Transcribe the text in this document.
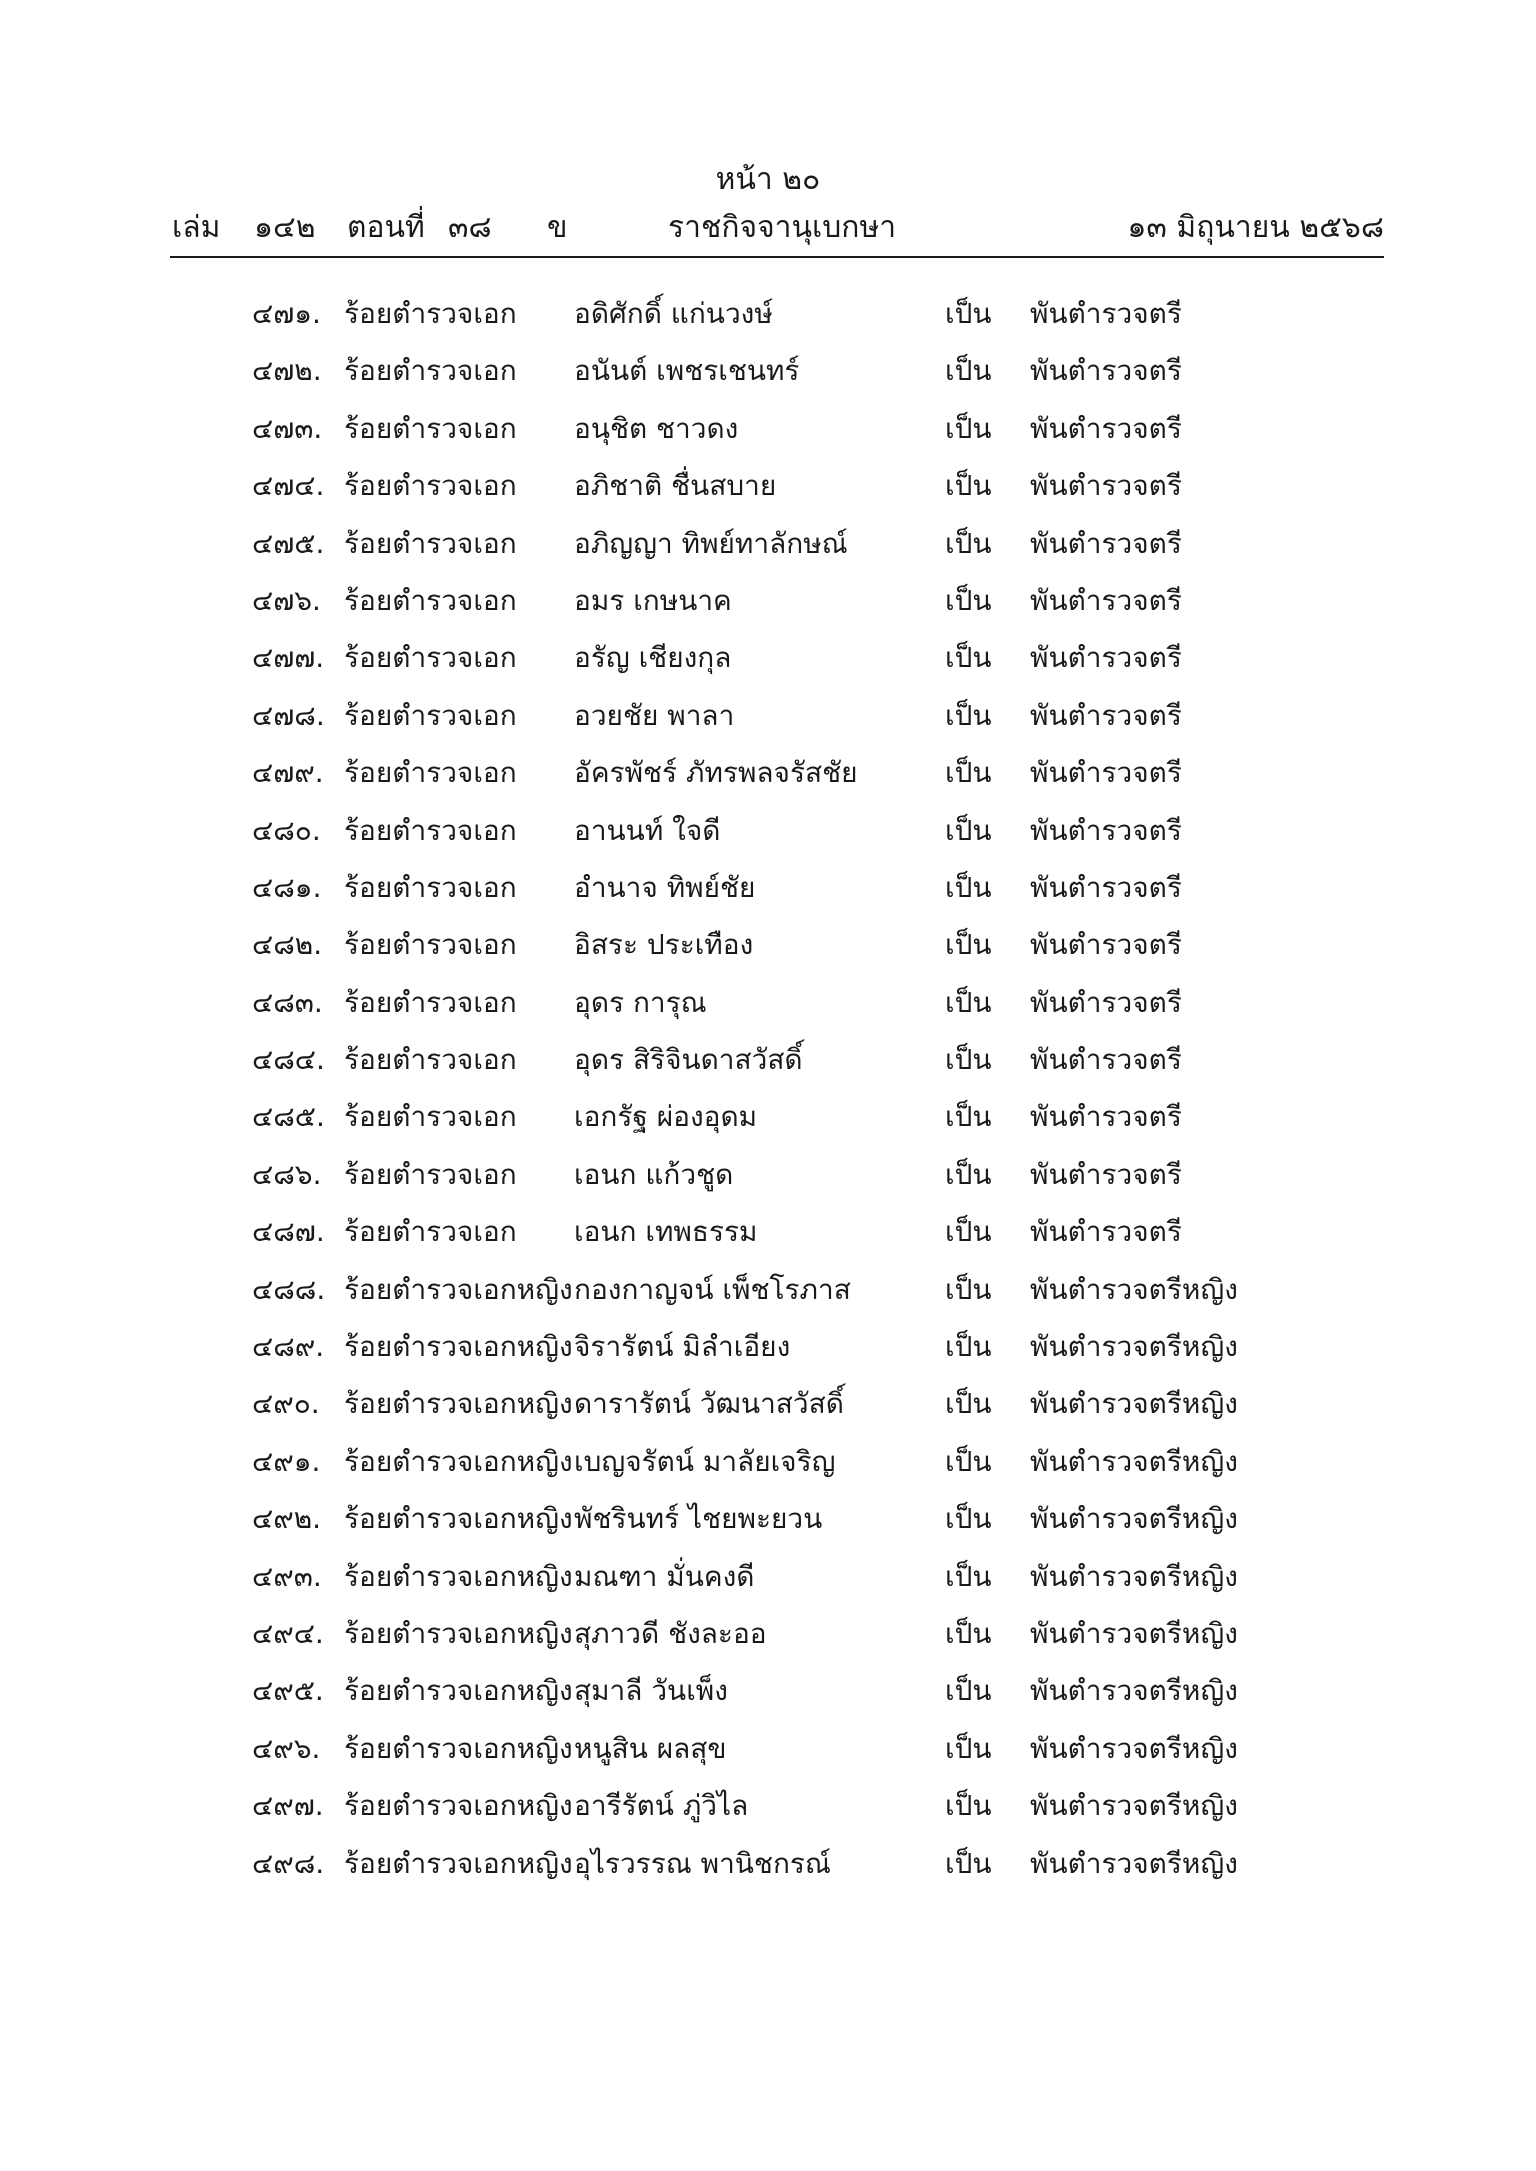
หน้า ๒๐
เล่ม ๑๔๒ ตอนที่ ๓๘ ข	ราชกิจจานุเบกษา	๑๓ มิถุนายน ๒๕๖๘
๔๗๑. ร้อยตำรวจเอก อดิศักดิ์ แก่นวงษ์	เป็น พันตำรวจตรี
๔๗๒. ร้อยตำรวจเอก อนันต์ เพชรเชนทร์	เป็น พันตำรวจตรี
๔๗๓. ร้อยตำรวจเอก อนุชิต ชาวดง	เป็น พันตำรวจตรี
๔๗๔. ร้อยตำรวจเอก อภิชาติ ชื่นสบาย	เป็น พันตำรวจตรี
๔๗๕. ร้อยตำรวจเอก อภิญญา ทิพย์ทาลักษณ์	เป็น พันตำรวจตรี
๔๗๖. ร้อยตำรวจเอก อมร เกษนาค	เป็น พันตำรวจตรี
๔๗๗. ร้อยตำรวจเอก อรัญ เชียงกุล	เป็น พันตำรวจตรี
๔๗๘. ร้อยตำรวจเอก อวยชัย พาลา	เป็น พันตำรวจตรี
๔๗๙. ร้อยตำรวจเอก อัครพัชร์ ภัทรพลจรัสชัย	เป็น พันตำรวจตรี
๔๘๐. ร้อยตำรวจเอก อานนท์ ใจดี	เป็น พันตำรวจตรี
๔๘๑. ร้อยตำรวจเอก อำนาจ ทิพย์ชัย	เป็น พันตำรวจตรี
๔๘๒. ร้อยตำรวจเอก อิสระ ประเทือง	เป็น พันตำรวจตรี
๔๘๓. ร้อยตำรวจเอก อุดร การุณ	เป็น พันตำรวจตรี
๔๘๔. ร้อยตำรวจเอก อุดร สิริจินดาสวัสดิ์	เป็น พันตำรวจตรี
๔๘๕. ร้อยตำรวจเอก เอกรัฐ ผ่องอุดม	เป็น พันตำรวจตรี
๔๘๖. ร้อยตำรวจเอก เอนก แก้วชูด	เป็น พันตำรวจตรี
๔๘๗. ร้อยตำรวจเอก เอนก เทพธรรม	เป็น พันตำรวจตรี
๔๘๘. ร้อยตำรวจเอกหญิง กองกาญจน์ เพ็ชโรภาส	เป็น พันตำรวจตรีหญิง
๔๘๙. ร้อยตำรวจเอกหญิง จิรารัตน์ มิลำเอียง	เป็น พันตำรวจตรีหญิง
๔๙๐. ร้อยตำรวจเอกหญิง ดารารัตน์ วัฒนาสวัสดิ์	เป็น พันตำรวจตรีหญิง
๔๙๑. ร้อยตำรวจเอกหญิง เบญจรัตน์ มาลัยเจริญ	เป็น พันตำรวจตรีหญิง
๔๙๒. ร้อยตำรวจเอกหญิง พัชรินทร์ ไชยพะยวน	เป็น พันตำรวจตรีหญิง
๔๙๓. ร้อยตำรวจเอกหญิง มณฑา มั่นคงดี	เป็น พันตำรวจตรีหญิง
๔๙๔. ร้อยตำรวจเอกหญิง สุภาวดี ชังละออ	เป็น พันตำรวจตรีหญิง
๔๙๕. ร้อยตำรวจเอกหญิง สุมาลี วันเพ็ง	เป็น พันตำรวจตรีหญิง
๔๙๖. ร้อยตำรวจเอกหญิง หนูสิน ผลสุข	เป็น พันตำรวจตรีหญิง
๔๙๗. ร้อยตำรวจเอกหญิง อารีรัตน์ ภู่วิไล	เป็น พันตำรวจตรีหญิง
๔๙๘. ร้อยตำรวจเอกหญิง อุไรวรรณ พานิชกรณ์	เป็น พันตำรวจตรีหญิง
